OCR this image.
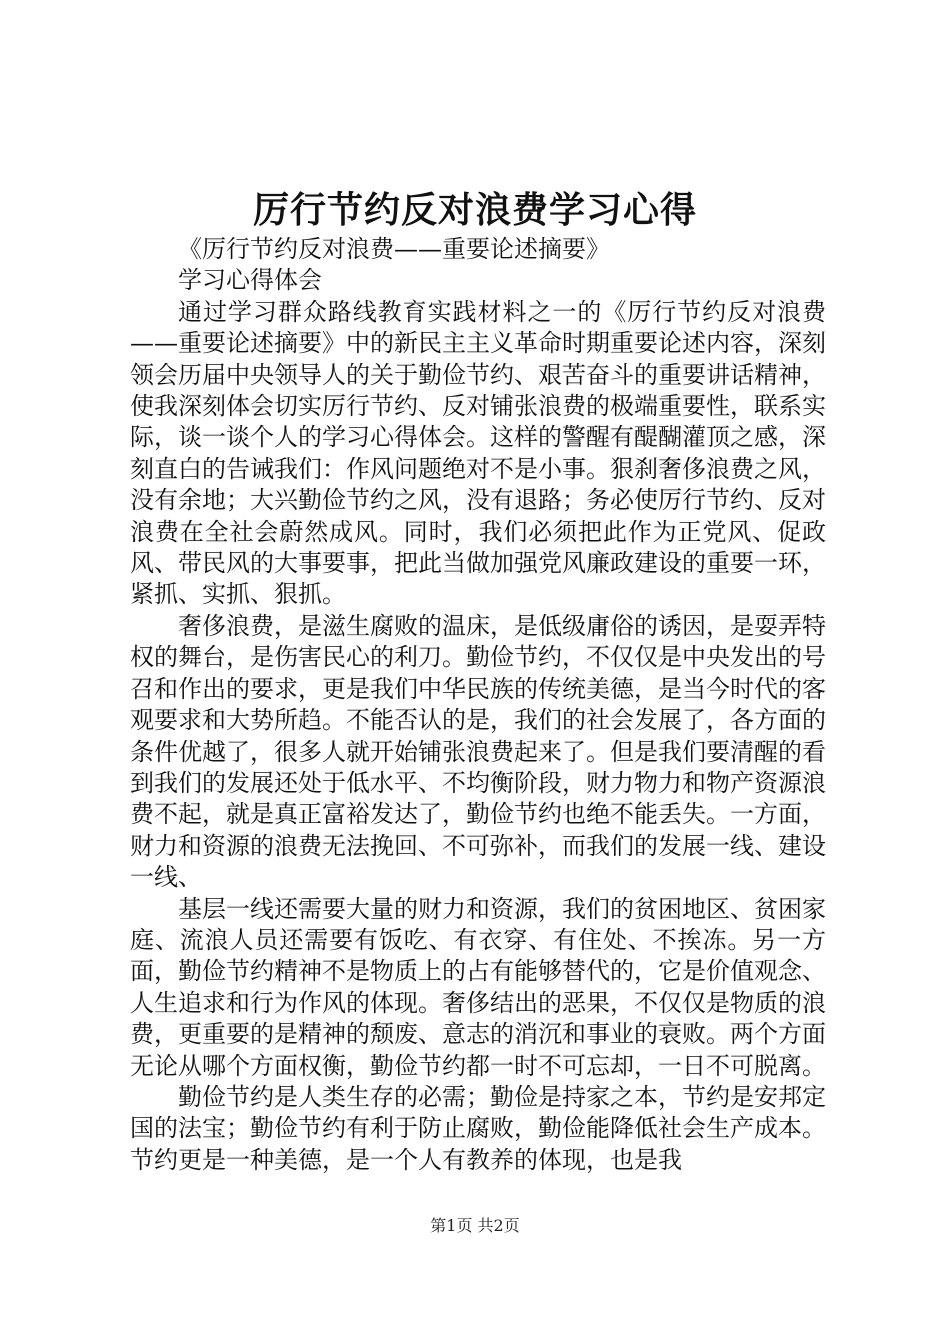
厉行节约反对浪费学习心得

《厉行节约反对浪费——重要论述摘要》

学习心得体会

通过学习群众路线教育实践材料之一的《厉行节约反对浪费——重要论述摘要》中的新民主主义革命时期重要论述内容，深刻领会历届中央领导人的关于勤俭节约、艰苦奋斗的重要讲话精神，使我深刻体会切实厉行节约、反对铺张浪费的极端重要性，联系实际，谈一谈个人的学习心得体会。这样的警醒有醍醐灌顶之感，深刻直白的告诫我们：作风问题绝对不是小事。狠刹奢侈浪费之风，没有余地；大兴勤俭节约之风，没有退路；务必使厉行节约、反对浪费在全社会蔚然成风。同时，我们必须把此作为正党风、促政风、带民风的大事要事，把此当做加强党风廉政建设的重要一环，紧抓、实抓、狠抓。

奢侈浪费，是滋生腐败的温床，是低级庸俗的诱因，是耍弄特权的舞台，是伤害民心的利刀。勤俭节约，不仅仅是中央发出的号召和作出的要求，更是我们中华民族的传统美德，是当今时代的客观要求和大势所趋。不能否认的是，我们的社会发展了，各方面的条件优越了，很多人就开始铺张浪费起来了。但是我们要清醒的看到我们的发展还处于低水平、不均衡阶段，财力物力和物产资源浪费不起，就是真正富裕发达了，勤俭节约也绝不能丢失。一方面，财力和资源的浪费无法挽回、不可弥补，而我们的发展一线、建设一线、

基层一线还需要大量的财力和资源，我们的贫困地区、贫困家庭、流浪人员还需要有饭吃、有衣穿、有住处、不挨冻。另一方面，勤俭节约精神不是物质上的占有能够替代的，它是价值观念、人生追求和行为作风的体现。奢侈结出的恶果，不仅仅是物质的浪费，更重要的是精神的颓废、意志的消沉和事业的衰败。两个方面无论从哪个方面权衡，勤俭节约都一时不可忘却，一日不可脱离。

勤俭节约是人类生存的必需；勤俭是持家之本，节约是安邦定国的法宝；勤俭节约有利于防止腐败，勤俭能降低社会生产成本。节约更是一种美德，是一个人有教养的体现，也是我

第1页 共2页
